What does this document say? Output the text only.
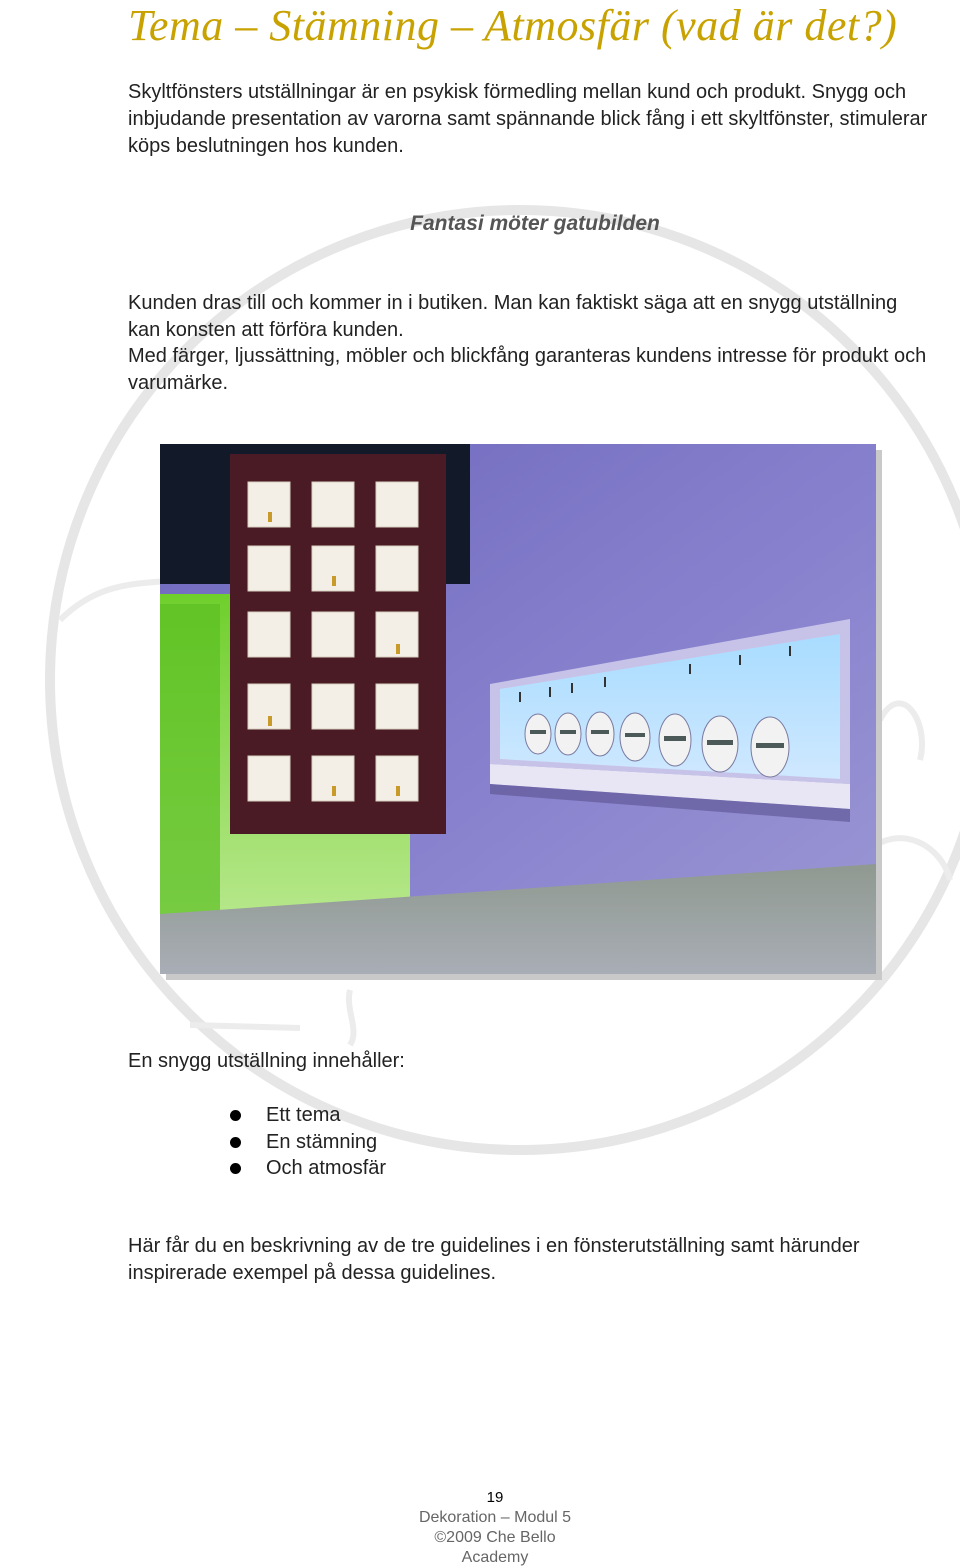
Tema – Stämning – Atmosfär (vad är det?)

Skyltfönsters utställningar är en psykisk förmedling mellan kund och produkt. Snygg och inbjudande presentation av varorna samt spännande blick fång i ett skyltfönster, stimulerar köps beslutningen hos kunden.

Fantasi möter gatubilden

Kunden dras till och kommer in i butiken. Man kan faktiskt säga att en snygg utställning kan konsten att förföra kunden.

Med färger, ljussättning, möbler och blickfång garanteras kundens intresse för produkt och varumärke.

En snygg utställning innehåller:

Ett tema
En stämning
Och atmosfär

Här får du en beskrivning av de tre guidelines i en fönsterutställning samt härunder inspirerade exempel på dessa guidelines.

19
Dekoration – Modul 5
©2009 Che Bello Academy
